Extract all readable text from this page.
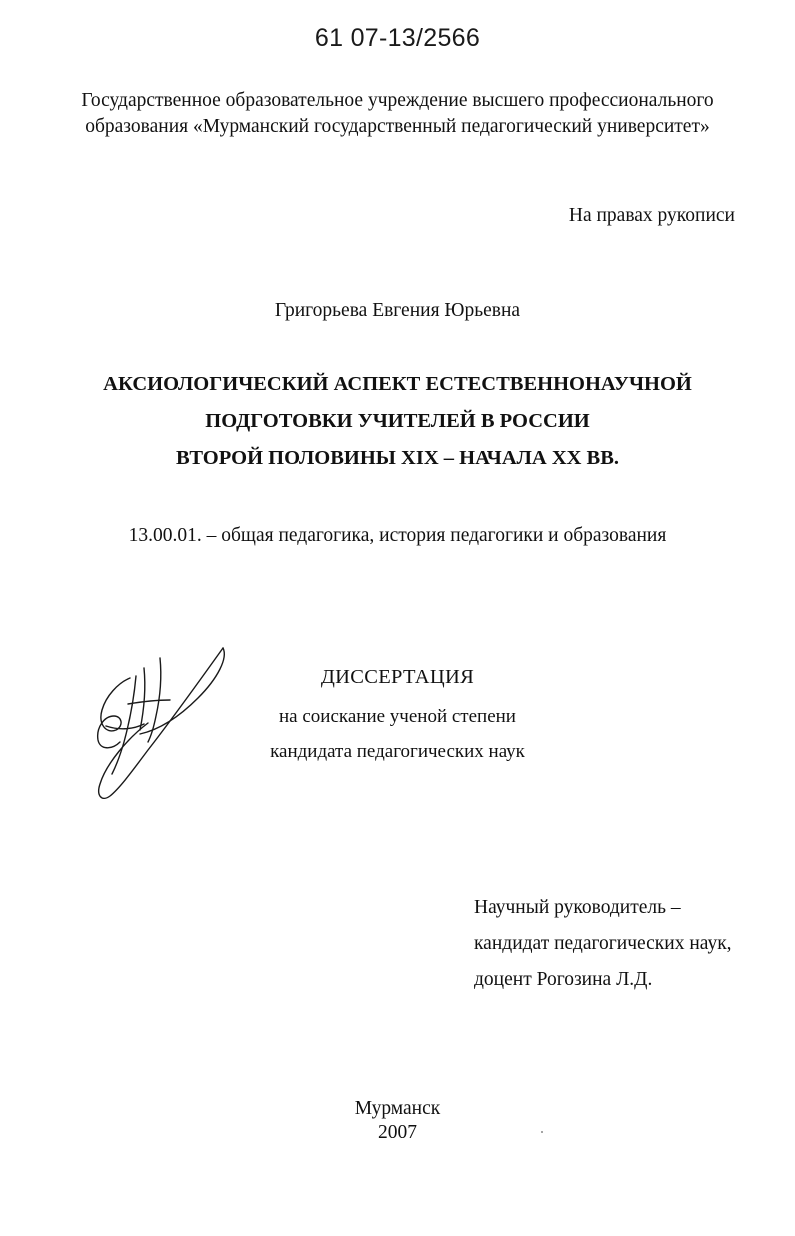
61 07-13/2566
Государственное образовательное учреждение высшего профессионального
образования «Мурманский государственный педагогический университет»
На правах рукописи
Григорьева Евгения Юрьевна
АКСИОЛОГИЧЕСКИЙ АСПЕКТ ЕСТЕСТВЕННОНАУЧНОЙ
ПОДГОТОВКИ УЧИТЕЛЕЙ В РОССИИ
ВТОРОЙ ПОЛОВИНЫ XIX – НАЧАЛА XX ВВ.
13.00.01. – общая педагогика, история педагогики и образования
ДИССЕРТАЦИЯ
на соискание ученой степени
кандидата педагогических наук
Научный руководитель –
кандидат педагогических наук,
доцент Рогозина Л.Д.
Мурманск
2007
